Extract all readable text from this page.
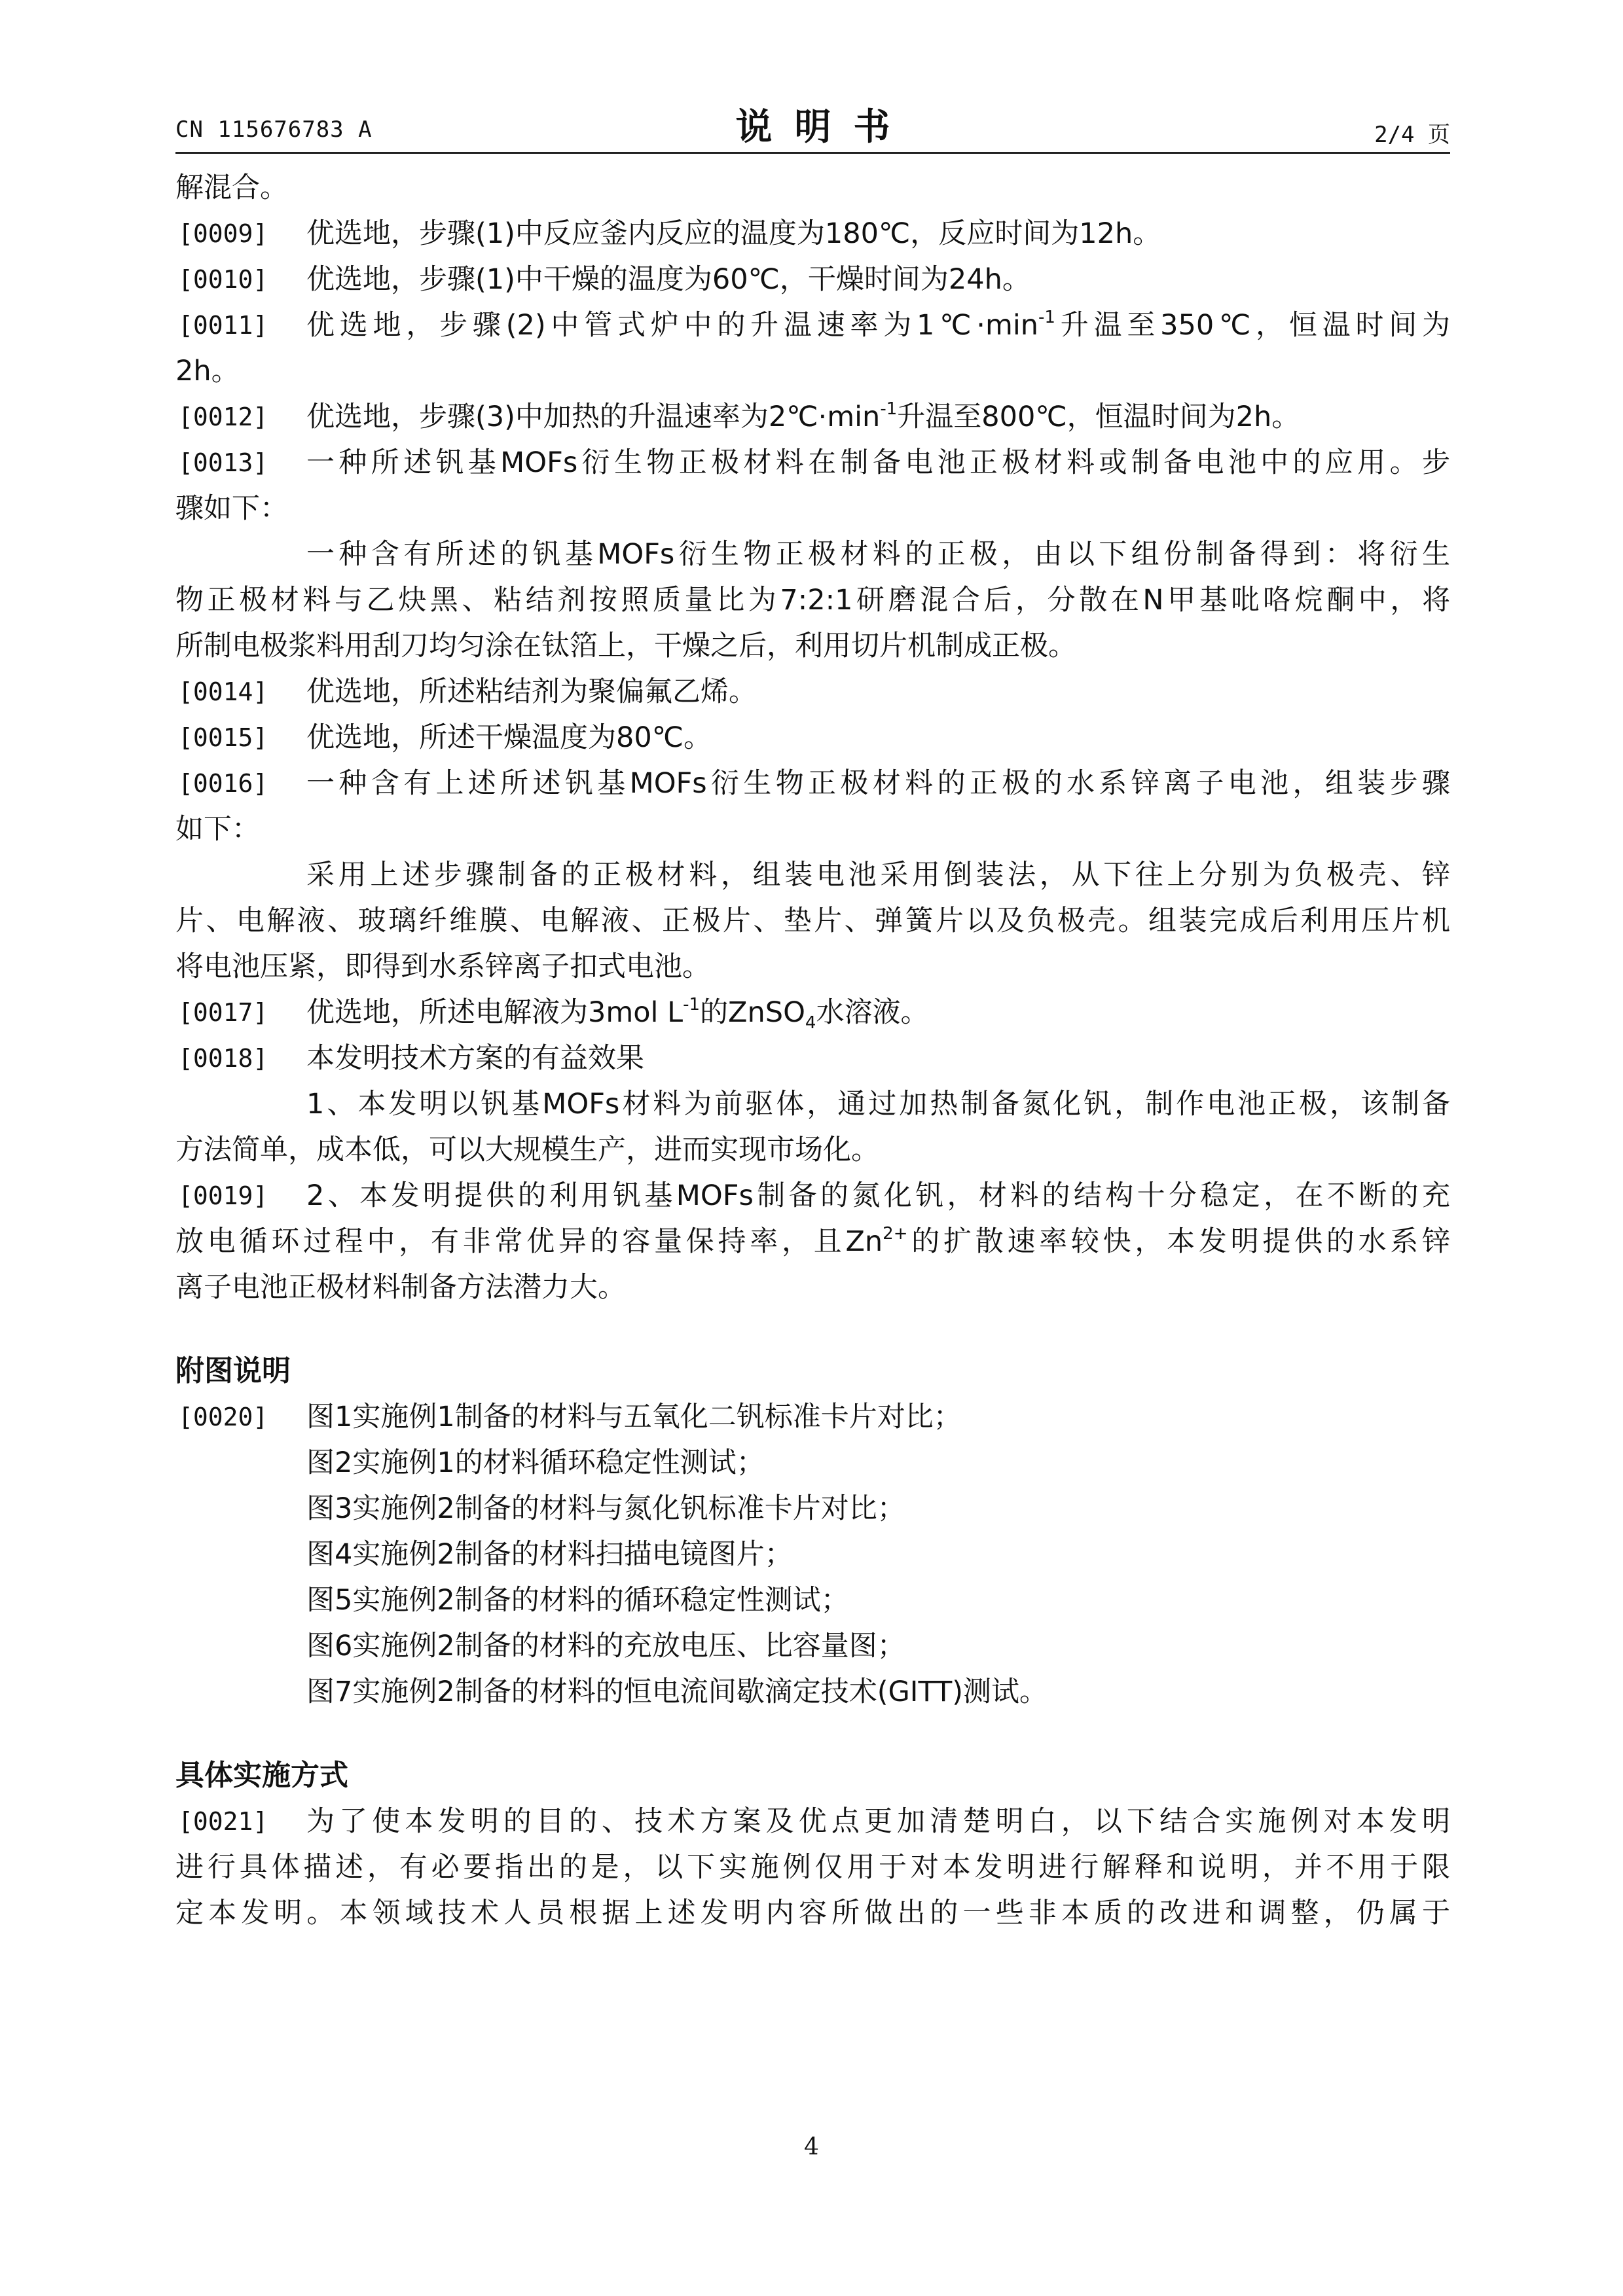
CN 115676783 A	说明书	2/4 页
解混合。
[0009]	优选地，步骤(1)中反应釜内反应的温度为180℃，反应时间为12h。
[0010]	优选地，步骤(1)中干燥的温度为60℃，干燥时间为24h。
[0011]	优选地，步骤(2)中管式炉中的升温速率为$1℃\cdot\min^{-1}$升温至350℃，恒温时间为
2h。
[0012]	优选地，步骤(3)中加热的升温速率为$2℃\cdot\min^{-1}$升温至800℃，恒温时间为2h。
[0013]	一种所述钒基MOFs衍生物正极材料在制备电池正极材料或制备电池中的应用。步
骤如下：
一种含有所述的钒基MOFs衍生物正极材料的正极，由以下组份制备得到：将衍生
物正极材料与乙炔黑、粘结剂按照质量比为7:2:1研磨混合后，分散在N甲基吡咯烷酮中，将
所制电极浆料用刮刀均匀涂在钛箔上，干燥之后，利用切片机制成正极。
[0014]	优选地，所述粘结剂为聚偏氟乙烯。
[0015]	优选地，所述干燥温度为80℃。
[0016]	一种含有上述所述钒基MOFs衍生物正极材料的正极的水系锌离子电池，组装步骤
如下：
采用上述步骤制备的正极材料，组装电池采用倒装法，从下往上分别为负极壳、锌
片、电解液、玻璃纤维膜、电解液、正极片、垫片、弹簧片以及负极壳。组装完成后利用压片机
将电池压紧，即得到水系锌离子扣式电池。
[0017]	优选地，所述电解液为3mol $L^{-1}$的ZnSO$_4$水溶液。
[0018]	本发明技术方案的有益效果
1、本发明以钒基MOFs材料为前驱体，通过加热制备氮化钒，制作电池正极，该制备
方法简单，成本低，可以大规模生产，进而实现市场化。
[0019]	2、本发明提供的利用钒基MOFs制备的氮化钒，材料的结构十分稳定，在不断的充
放电循环过程中，有非常优异的容量保持率，且$Zn^{2+}$的扩散速率较快，本发明提供的水系锌
离子电池正极材料制备方法潜力大。
附图说明
[0020]	图1实施例1制备的材料与五氧化二钒标准卡片对比；
图2实施例1的材料循环稳定性测试；
图3实施例2制备的材料与氮化钒标准卡片对比；
图4实施例2制备的材料扫描电镜图片；
图5实施例2制备的材料的循环稳定性测试；
图6实施例2制备的材料的充放电压、比容量图；
图7实施例2制备的材料的恒电流间歇滴定技术(GITT)测试。
具体实施方式
[0021]	为了使本发明的目的、技术方案及优点更加清楚明白，以下结合实施例对本发明
进行具体描述，有必要指出的是，以下实施例仅用于对本发明进行解释和说明，并不用于限
定本发明。本领域技术人员根据上述发明内容所做出的一些非本质的改进和调整，仍属于
4
